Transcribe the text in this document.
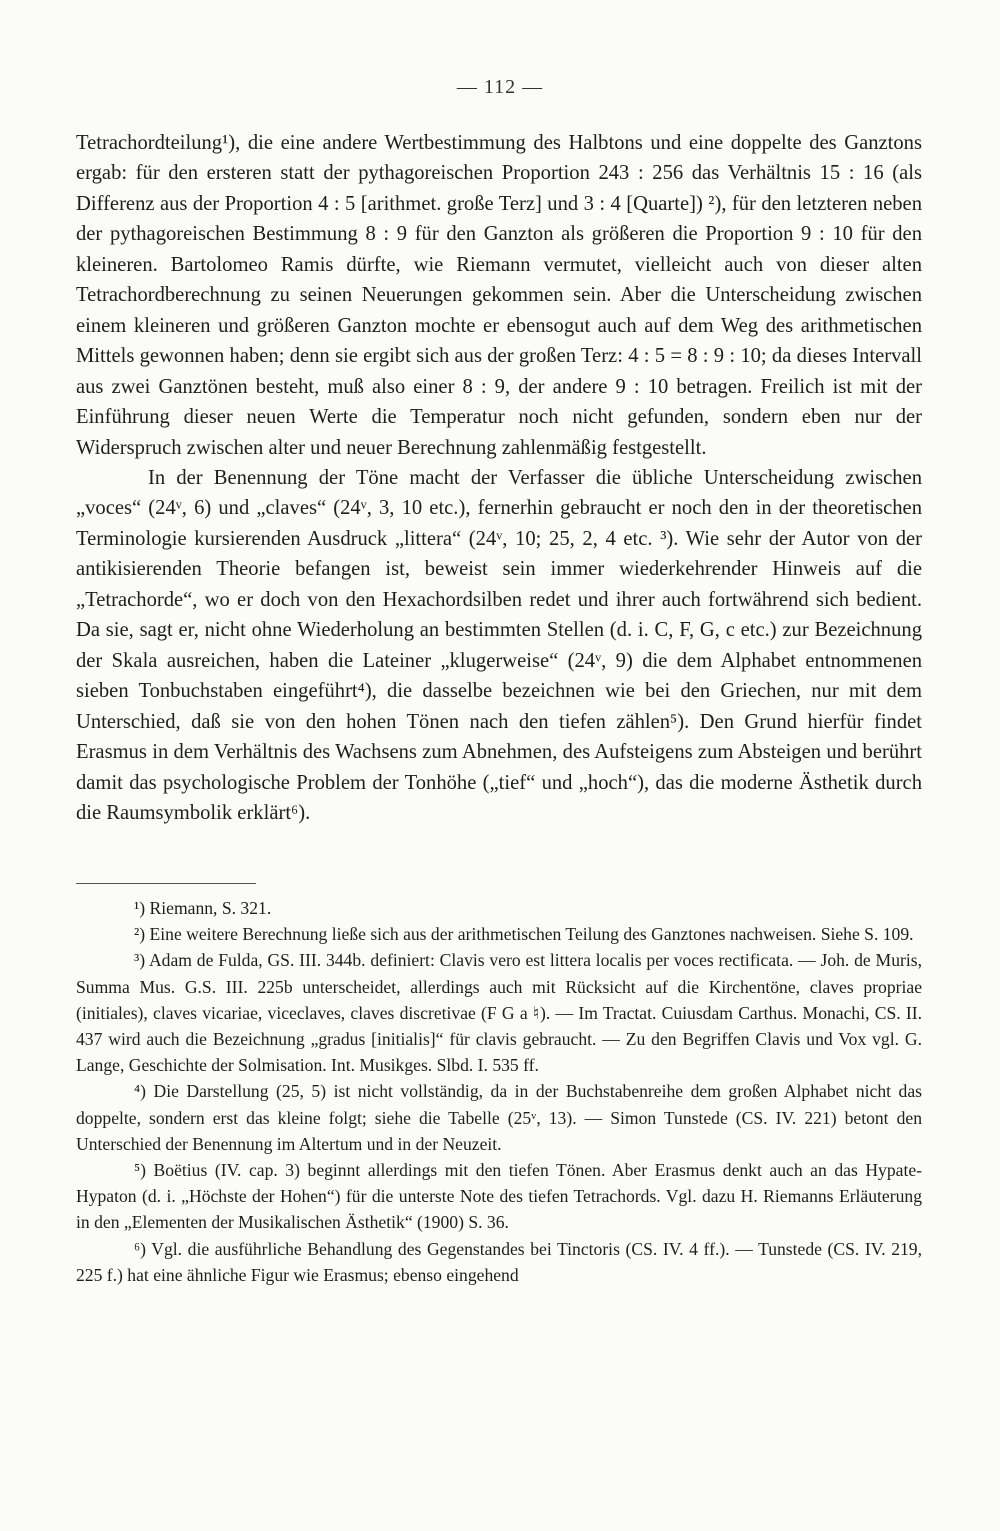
— 112 —

Tetrachordteilung¹), die eine andere Wertbestimmung des Halbtons und eine doppelte des Ganztons ergab: für den ersteren statt der pythagoreischen Proportion 243 : 256 das Verhältnis 15 : 16 (als Differenz aus der Proportion 4 : 5 [arithmet. große Terz] und 3 : 4 [Quarte]) ²), für den letzteren neben der pythagoreischen Bestimmung 8 : 9 für den Ganzton als größeren die Proportion 9 : 10 für den kleineren. Bartolomeo Ramis dürfte, wie Riemann vermutet, vielleicht auch von dieser alten Tetrachordberechnung zu seinen Neuerungen gekommen sein. Aber die Unterscheidung zwischen einem kleineren und größeren Ganzton mochte er ebensogut auch auf dem Weg des arithmetischen Mittels gewonnen haben; denn sie ergibt sich aus der großen Terz: 4 : 5 = 8 : 9 : 10; da dieses Intervall aus zwei Ganztönen besteht, muß also einer 8 : 9, der andere 9 : 10 betragen. Freilich ist mit der Einführung dieser neuen Werte die Temperatur noch nicht gefunden, sondern eben nur der Widerspruch zwischen alter und neuer Berechnung zahlenmäßig festgestellt.

In der Benennung der Töne macht der Verfasser die übliche Unterscheidung zwischen „voces“ (24ᵛ, 6) und „claves“ (24ᵛ, 3, 10 etc.), fernerhin gebraucht er noch den in der theoretischen Terminologie kursierenden Ausdruck „littera“ (24ᵛ, 10; 25, 2, 4 etc. ³). Wie sehr der Autor von der antikisierenden Theorie befangen ist, beweist sein immer wiederkehrender Hinweis auf die „Tetrachorde“, wo er doch von den Hexachordsilben redet und ihrer auch fortwährend sich bedient. Da sie, sagt er, nicht ohne Wiederholung an bestimmten Stellen (d. i. C, F, G, c etc.) zur Bezeichnung der Skala ausreichen, haben die Lateiner „klugerweise“ (24ᵛ, 9) die dem Alphabet entnommenen sieben Tonbuchstaben eingeführt⁴), die dasselbe bezeichnen wie bei den Griechen, nur mit dem Unterschied, daß sie von den hohen Tönen nach den tiefen zählen⁵). Den Grund hierfür findet Erasmus in dem Verhältnis des Wachsens zum Abnehmen, des Aufsteigens zum Absteigen und berührt damit das psychologische Problem der Tonhöhe („tief“ und „hoch“), das die moderne Ästhetik durch die Raumsymbolik erklärt⁶).

¹) Riemann, S. 321.

²) Eine weitere Berechnung ließe sich aus der arithmetischen Teilung des Ganztones nachweisen. Siehe S. 109.

³) Adam de Fulda, GS. III. 344b. definiert: Clavis vero est littera localis per voces rectificata. — Joh. de Muris, Summa Mus. G.S. III. 225b unterscheidet, allerdings auch mit Rücksicht auf die Kirchentöne, claves propriae (initiales), claves vicariae, viceclaves, claves discretivae (F G a ♮). — Im Tractat. Cuiusdam Carthus. Monachi, CS. II. 437 wird auch die Bezeichnung „gradus [initialis]“ für clavis gebraucht. — Zu den Begriffen Clavis und Vox vgl. G. Lange, Geschichte der Solmisation. Int. Musikges. Slbd. I. 535 ff.

⁴) Die Darstellung (25, 5) ist nicht vollständig, da in der Buchstabenreihe dem großen Alphabet nicht das doppelte, sondern erst das kleine folgt; siehe die Tabelle (25ᵛ, 13). — Simon Tunstede (CS. IV. 221) betont den Unterschied der Benennung im Altertum und in der Neuzeit.

⁵) Boëtius (IV. cap. 3) beginnt allerdings mit den tiefen Tönen. Aber Erasmus denkt auch an das Hypate-Hypaton (d. i. „Höchste der Hohen“) für die unterste Note des tiefen Tetrachords. Vgl. dazu H. Riemanns Erläuterung in den „Elementen der Musikalischen Ästhetik“ (1900) S. 36.

⁶) Vgl. die ausführliche Behandlung des Gegenstandes bei Tinctoris (CS. IV. 4 ff.). — Tunstede (CS. IV. 219, 225 f.) hat eine ähnliche Figur wie Erasmus; ebenso eingehend
